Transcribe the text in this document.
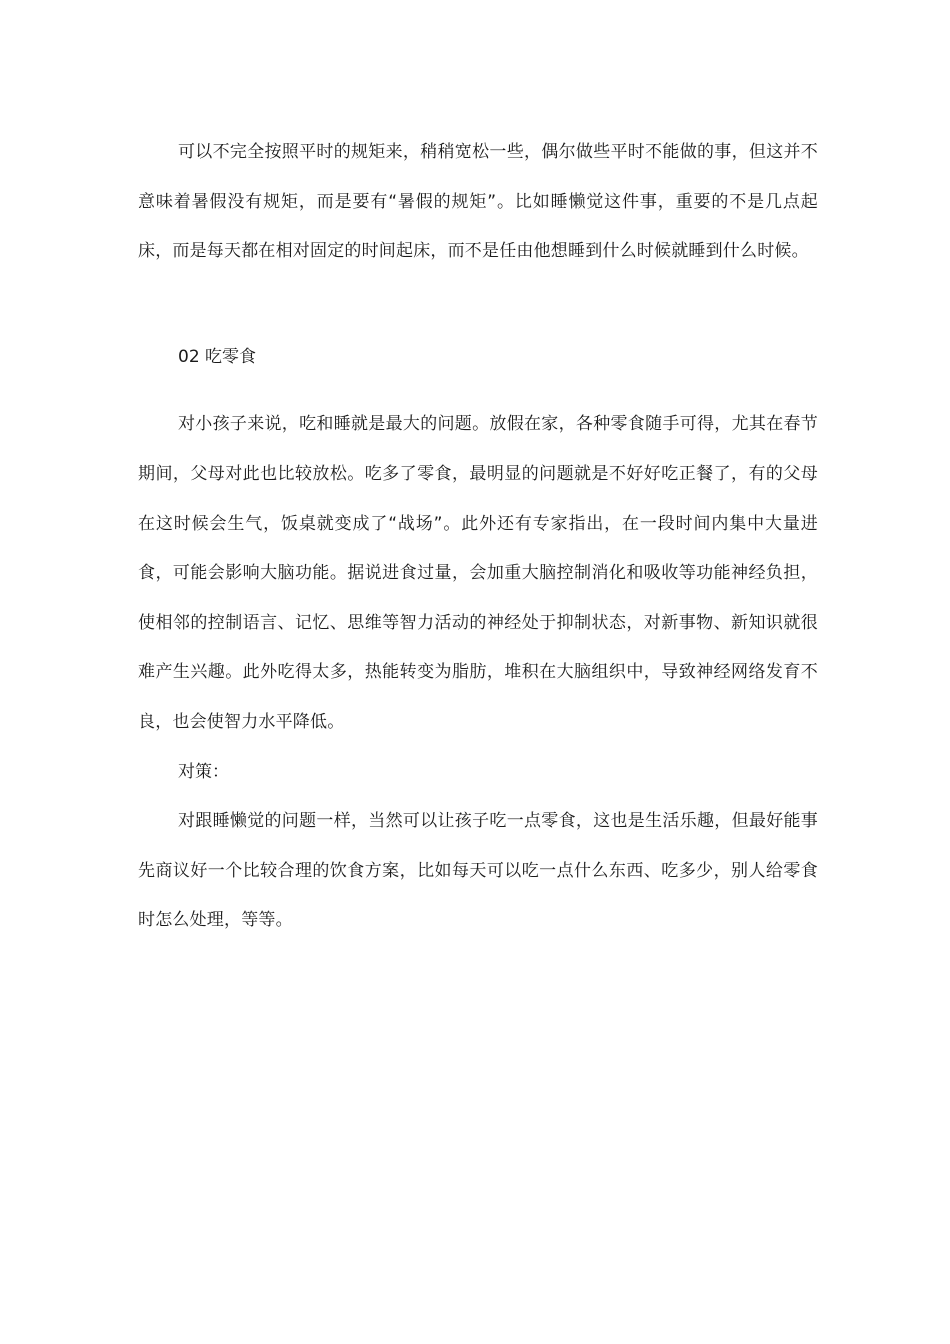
可以不完全按照平时的规矩来，稍稍宽松一些，偶尔做些平时不能做的事，但这并不意味着暑假没有规矩，而是要有“暑假的规矩”。比如睡懒觉这件事，重要的不是几点起床，而是每天都在相对固定的时间起床，而不是任由他想睡到什么时候就睡到什么时候。

02 吃零食

对小孩子来说，吃和睡就是最大的问题。放假在家，各种零食随手可得，尤其在春节期间，父母对此也比较放松。吃多了零食，最明显的问题就是不好好吃正餐了，有的父母在这时候会生气，饭桌就变成了“战场”。此外还有专家指出，在一段时间内集中大量进食，可能会影响大脑功能。据说进食过量，会加重大脑控制消化和吸收等功能神经负担，使相邻的控制语言、记忆、思维等智力活动的神经处于抑制状态，对新事物、新知识就很难产生兴趣。此外吃得太多，热能转变为脂肪，堆积在大脑组织中，导致神经网络发育不良，也会使智力水平降低。

对策：

对跟睡懒觉的问题一样，当然可以让孩子吃一点零食，这也是生活乐趣，但最好能事先商议好一个比较合理的饮食方案，比如每天可以吃一点什么东西、吃多少，别人给零食时怎么处理，等等。
